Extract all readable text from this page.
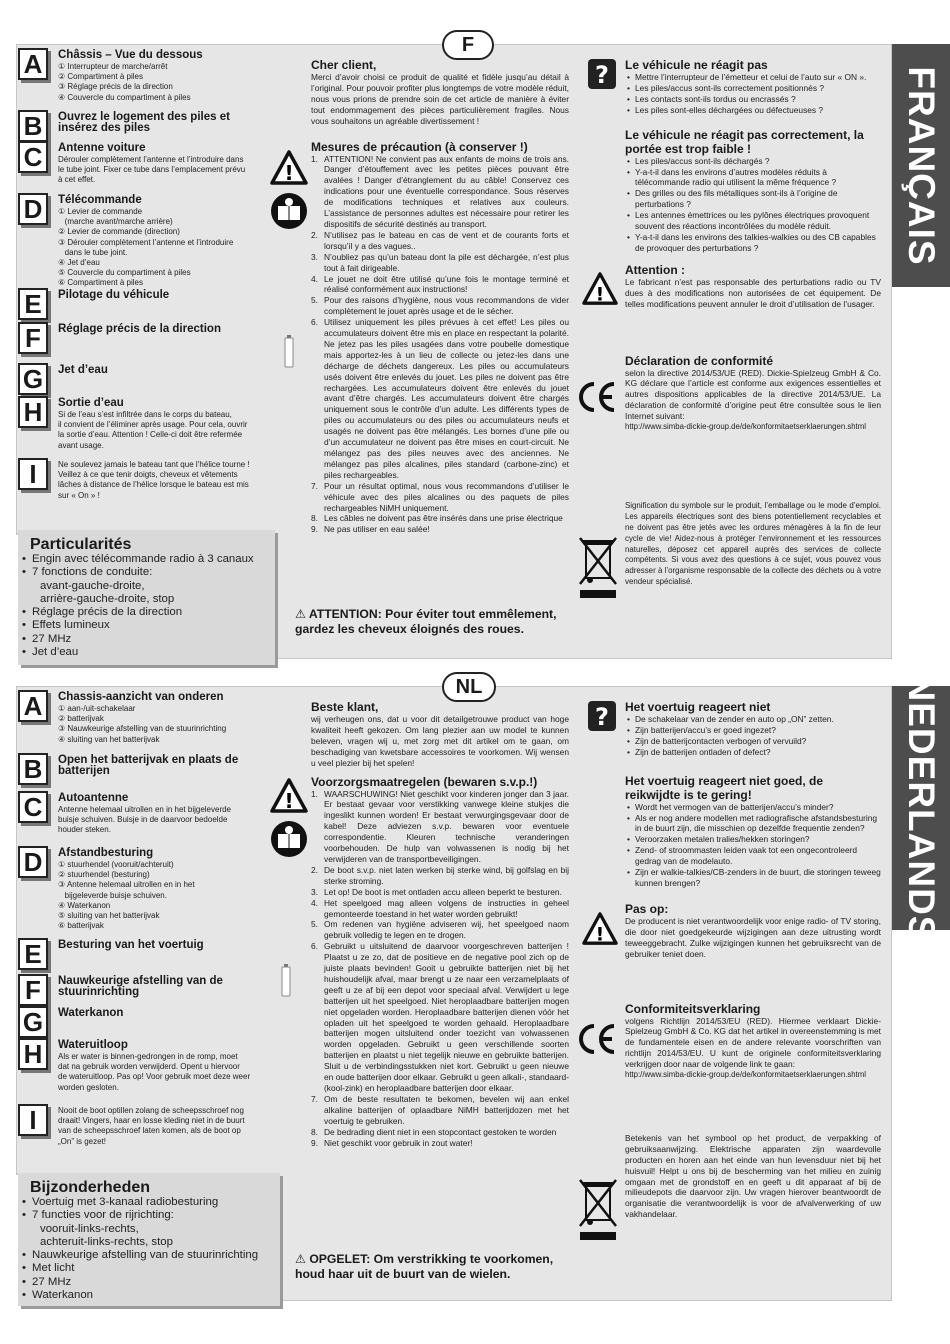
FRANÇAIS
F
A	Châssis – Vue du dessous
① Interrupteur de marche/arrêt
② Compartiment à piles
③ Réglage précis de la direction
④ Couvercle du compartiment à piles
B	Ouvrez le logement des piles et insérez des piles
C	Antenne voiture
Dérouler complètement l’antenne et l’introduire dans
le tube joint. Fixer ce tube dans l’emplacement prévu
à cet effet.
D	Télécommande
① Levier de commande
(marche avant/marche arrière)
② Levier de commande (direction)
③ Dérouler complètement l’antenne et l’introduire
dans le tube joint.
④ Jet d’eau
⑤ Couvercle du compartiment à piles
⑥ Compartiment à piles
E	Pilotage du véhicule
F	Réglage précis de la direction
G	Jet d’eau
H	Sortie d’eau
Si de l’eau s’est infiltrée dans le corps du bateau,
il convient de l’éliminer après usage. Pour cela, ouvrir
la sortie d’eau. Attention ! Celle-ci doit être refermée
avant usage.
I	Ne soulevez jamais le bateau tant que l’hélice tourne !
Veillez à ce que tenir doigts, cheveux et vêtements
lâches à distance de l’hélice lorsque le bateau est mis
sur « On » !
Particularités
• Engin avec télécommande radio à 3 canaux
• 7 fonctions de conduite:
avant-gauche-droite,
arrière-gauche-droite, stop
• Réglage précis de la direction
• Effets lumineux
• 27 MHz
• Jet d’eau
Cher client,
Merci d’avoir choisi ce produit de qualité et fidèle jusqu’au détail à l’original. Pour pouvoir profiter plus longtemps de votre modèle réduit, nous vous prions de prendre soin de cet article de manière à éviter tout endommagement des pièces particulièrement fragiles. Nous vous souhaitons un agréable divertissement !
Mesures de précaution (à conserver !)
1. ATTENTION! Ne convient pas aux enfants de moins de trois ans. Danger d’étouffement avec les petites pièces pouvant être avalées ! Danger d’étranglement du au câble! Conservez ces indications pour une éventuelle correspondance. Sous réserves de modifications techniques et relatives aux couleurs. L’assistance de personnes adultes est nécessaire pour retirer les dispositifs de sécurité destinés au transport.
2. N’utilisez pas le bateau en cas de vent et de courants forts et lorsqu’il y a des vagues..
3. N’oubliez pas qu’un bateau dont la pile est déchargée, n’est plus tout à fait dirigeable.
4. Le jouet ne doit être utilisé qu’une fois le montage terminé et réalisé conformément aux instructions!
5. Pour des raisons d’hygiène, nous vous recommandons de vider complètement le jouet après usage et de le sécher.
6. Utilisez uniquement les piles prévues à cet effet! Les piles ou accumulateurs doivent être mis en place en respectant la polarité. Ne jetez pas les piles usagées dans votre poubelle domestique mais apportez-les à un lieu de collecte ou jetez-les dans une décharge de déchets dangereux. Les piles ou accumulateurs usés doivent être enlevés du jouet. Les piles ne doivent pas être rechargées. Les accumulateurs doivent être enlevés du jouet avant d’être chargés. Les accumulateurs doivent être chargés uniquement sous le contrôle d’un adulte. Les différents types de piles ou accumulateurs ou des piles ou accumulateurs neufs et usagés ne doivent pas être mélangés. Les bornes d’une pile ou d’un accumulateur ne doivent pas être mises en court-circuit. Ne mélangez pas des piles neuves avec des anciennes. Ne mélangez pas piles alcalines, piles standard (carbone-zinc) et piles rechargeables.
7. Pour un résultat optimal, nous vous recommandons d’utiliser le véhicule avec des piles alcalines ou des paquets de piles rechargeables NiMH uniquement.
8. Les câbles ne doivent pas être insérés dans une prise électrique
9. Ne pas utiliser en eau salée!
⚠ ATTENTION: Pour éviter tout emmêlement, gardez les cheveux éloignés des roues.
Le véhicule ne réagit pas
• Mettre l’interrupteur de l’émetteur et celui de l’auto sur « ON ».
• Les piles/accus sont-ils correctement positionnés ?
• Les contacts sont-ils tordus ou encrassés ?
• Les piles sont-elles déchargées ou défectueuses ?
Le véhicule ne réagit pas correctement, la portée est trop faible !
• Les piles/accus sont-ils déchargés ?
• Y-a-t-il dans les environs d’autres modèles réduits à télécommande radio qui utilisent la même fréquence ?
• Des grilles ou des fils métalliques sont-ils à l’origine de perturbations ?
• Les antennes émettrices ou les pylônes électriques provoquent souvent des réactions incontrôlées du modèle réduit.
• Y-a-t-il dans les environs des talkies-walkies ou des CB capables de provoquer des perturbations ?
Attention :
Le fabricant n’est pas responsable des perturbations radio ou TV dues à des modifications non autorisées de cet équipement. De telles modifications peuvent annuler le droit d’utilisation de l’usager.
Déclaration de conformité
selon la directive 2014/53/UE (RED). Dickie-Spielzeug GmbH & Co. KG déclare que l’article est conforme aux exigences essentielles et autres dispositions applicables de la directive 2014/53/UE. La déclaration de conformité d’origine peut être consultée sous le lien Internet suivant:
http://www.simba-dickie-group.de/de/konformitaetserklaerungen.shtml
Signification du symbole sur le produit, l’emballage ou le mode d’emploi. Les appareils électriques sont des biens potentiellement recyclables et ne doivent pas être jetés avec les ordures ménagères à la fin de leur cycle de vie! Aidez-nous à protéger l’environnement et les ressources naturelles, déposez cet appareil auprès des services de collecte compétents. Si vous avez des questions à ce sujet, vous pouvez vous adresser à l’organisme responsable de la collecte des déchets ou à votre vendeur spécialisé.
NEDERLANDS
NL
A	Chassis-aanzicht van onderen
① aan-/uit-schakelaar
② batterijvak
③ Nauwkeurige afstelling van de stuurinrichting
④ sluiting van het batterijvak
B	Open het batterijvak en plaats de batterijen
C	Autoantenne
Antenne helemaal uitrollen en in het bijgeleverde
buisje schuiven. Buisje in de daarvoor bedoelde
houder steken.
D	Afstandbesturing
① stuurhendel (vooruit/achteruit)
② stuurhendel (besturing)
③ Antenne helemaal uitrollen en in het
bijgeleverde buisje schuiven.
④ Waterkanon
⑤ sluiting van het batterijvak
⑥ batterijvak
E	Besturing van het voertuig
F	Nauwkeurige afstelling van de stuurinrichting
G	Waterkanon
H	Wateruitloop
Als er water is binnen-gedrongen in de romp, moet
dat na gebruik worden verwijderd. Opent u hiervoor
de wateruitloop. Pas op! Voor gebruik moet deze weer
worden gesloten.
I	Nooit de boot optillen zolang de scheepsschroef nog
draait! Vingers, haar en losse kleding niet in de buurt
van de scheepsschroef laten komen, als de boot op
„On” is gezet!
Bijzonderheden
• Voertuig met 3-kanaal radiobesturing
• 7 functies voor de rijrichting:
vooruit-links-rechts,
achteruit-links-rechts, stop
• Nauwkeurige afstelling van de stuurinrichting
• Met licht
• 27 MHz
• Waterkanon
Beste klant,
wij verheugen ons, dat u voor dit detailgetrouwe product van hoge kwaliteit heeft gekozen. Om lang plezier aan uw model te kunnen beleven, vragen wij u, met zorg met dit artikel om te gaan, om beschadiging van kwetsbare accessoires te voorkomen. Wij wensen u veel plezier bij het spelen!
Voorzorgsmaatregelen (bewaren s.v.p.!)
1. WAARSCHUWING! Niet geschikt voor kinderen jonger dan 3 jaar. Er bestaat gevaar voor verstikking vanwege kleine stukjes die ingeslikt kunnen worden! Er bestaat verwurgingsgevaar door de kabel! Deze adviezen s.v.p. bewaren voor eventuele correspondentie. Kleuren technische veranderingen voorbehouden. De hulp van volwassenen is nodig bij het verwijderen van de transportbeveiligingen.
2. De boot s.v.p. niet laten werken bij sterke wind, bij golfslag en bij sterke stroming.
3. Let op! De boot is met ontladen accu alleen beperkt te besturen.
4. Het speelgoed mag alleen volgens de instructies in geheel gemonteerde toestand in het water worden gebruikt!
5. Om redenen van hygiëne adviseren wij, het speelgoed naom gebruik volledig te legen en te drogen.
6. Gebruikt u uitsluitend de daarvoor voorgeschreven batterijen ! Plaatst u ze zo, dat de positieve en de negative pool zich op de juiste plaats bevinden! Gooit u gebruikte batterijen niet bij het huishoudelijk afval, maar brengt u ze naar een verzamelplaats of geeft u ze af bij een depot voor speciaal afval. Verwijdert u lege batterijen uit het speelgoed. Niet heroplaadbare batterijen mogen niet opgeladen worden. Heroplaadbare batterijen dienen vóór het opladen uit het speelgoed te worden gehaald. Heroplaadbare batterijen mogen uitsluitend onder toezicht van volwassenen worden opgeladen. Gebruikt u geen verschillende soorten batterijen en plaatst u niet tegelijk nieuwe en gebruikte batterijen. Sluit u de verbindingsstukken niet kort. Gebruikt u geen nieuwe en oude batterijen door elkaar. Gebruikt u geen alkali-, standaard- (kool-zink) en heroplaadbare batterijen door elkaar.
7. Om de beste resultaten te bekomen, bevelen wij aan enkel alkaline batterijen of oplaadbare NiMH batterijdozen met het voertuig te gebruiken.
8. De bedrading dient niet in een stopcontact gestoken te worden
9. Niet geschikt voor gebruik in zout water!
⚠ OPGELET: Om verstrikking te voorkomen, houd haar uit de buurt van de wielen.
Het voertuig reageert niet
• De schakelaar van de zender en auto op „ON” zetten.
• Zijn batterijen/accu’s er goed ingezet?
• Zijn de batterijcontacten verbogen of vervuild?
• Zijn de batterijen ontladen of defect?
Het voertuig reageert niet goed, de reikwijdte is te gering!
• Wordt het vermogen van de batterijen/accu’s minder?
• Als er nog andere modellen met radiografische afstandsbesturing in de buurt zijn, die misschien op dezelfde frequentie zenden?
• Veroorzaken metalen tralies/hekken storingen?
• Zend- of stroommasten leiden vaak tot een ongecontroleerd gedrag van de modelauto.
• Zijn er walkie-talkies/CB-zenders in de buurt, die storingen teweeg kunnen brengen?
Pas op:
De producent is niet verantwoordelijk voor enige radio- of TV storing, die door niet goedgekeurde wijzigingen aan deze uitrusting wordt teweeggebracht. Zulke wijzigingen kunnen het gebruiksrecht van de gebruiker teniet doen.
Conformiteitsverklaring
volgens Richtlijn 2014/53/EU (RED). Hiermee verklaart Dickie-Spielzeug GmbH & Co. KG dat het artikel in overeenstemming is met de fundamentele eisen en de andere relevante voorschriften van richtlijn 2014/53/EU. U kunt de originele conformiteitsverklaring verkrijgen door naar de volgende link te gaan:
http://www.simba-dickie-group.de/de/konformitaetserklaerungen.shtml
Betekenis van het symbool op het product, de verpakking of gebruiksaanwijzing. Elektrische apparaten zijn waardevolle producten en horen aan het einde van hun levensduur niet bij het huisvuil! Helpt u ons bij de bescherming van het milieu en zuinig omgaan met de grondstoff en en geeft u dit apparaat af bij de milieudepots die daarvoor zijn. Uw vragen hierover beantwoordt de organisatie die verantwoordelijk is voor de afvalverwerking of uw vakhandelaar.
?
!
!
?
!
!
